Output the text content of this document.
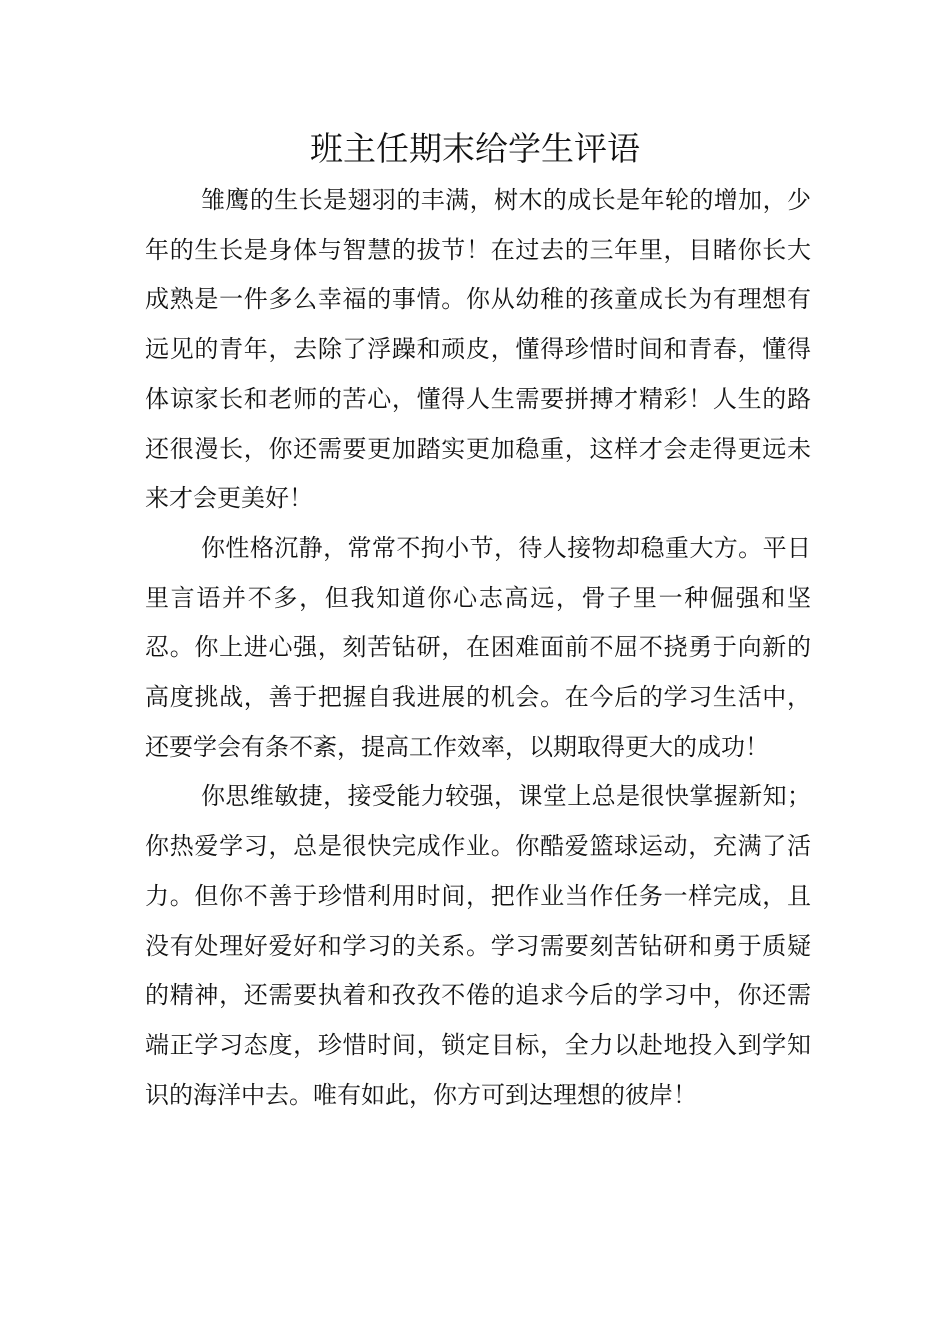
班主任期末给学生评语

雏鹰的生长是翅羽的丰满，树木的成长是年轮的增加，少年的生长是身体与智慧的拔节！在过去的三年里，目睹你长大成熟是一件多么幸福的事情。你从幼稚的孩童成长为有理想有远见的青年，去除了浮躁和顽皮，懂得珍惜时间和青春，懂得体谅家长和老师的苦心，懂得人生需要拼搏才精彩！人生的路还很漫长，你还需要更加踏实更加稳重，这样才会走得更远未来才会更美好！

你性格沉静，常常不拘小节，待人接物却稳重大方。平日里言语并不多，但我知道你心志高远，骨子里一种倔强和坚忍。你上进心强，刻苦钻研，在困难面前不屈不挠勇于向新的高度挑战，善于把握自我进展的机会。在今后的学习生活中，还要学会有条不紊，提高工作效率，以期取得更大的成功！

你思维敏捷，接受能力较强，课堂上总是很快掌握新知；你热爱学习，总是很快完成作业。你酷爱篮球运动，充满了活力。但你不善于珍惜利用时间，把作业当作任务一样完成，且没有处理好爱好和学习的关系。学习需要刻苦钻研和勇于质疑的精神，还需要执着和孜孜不倦的追求今后的学习中，你还需端正学习态度，珍惜时间，锁定目标，全力以赴地投入到学知识的海洋中去。唯有如此，你方可到达理想的彼岸！
